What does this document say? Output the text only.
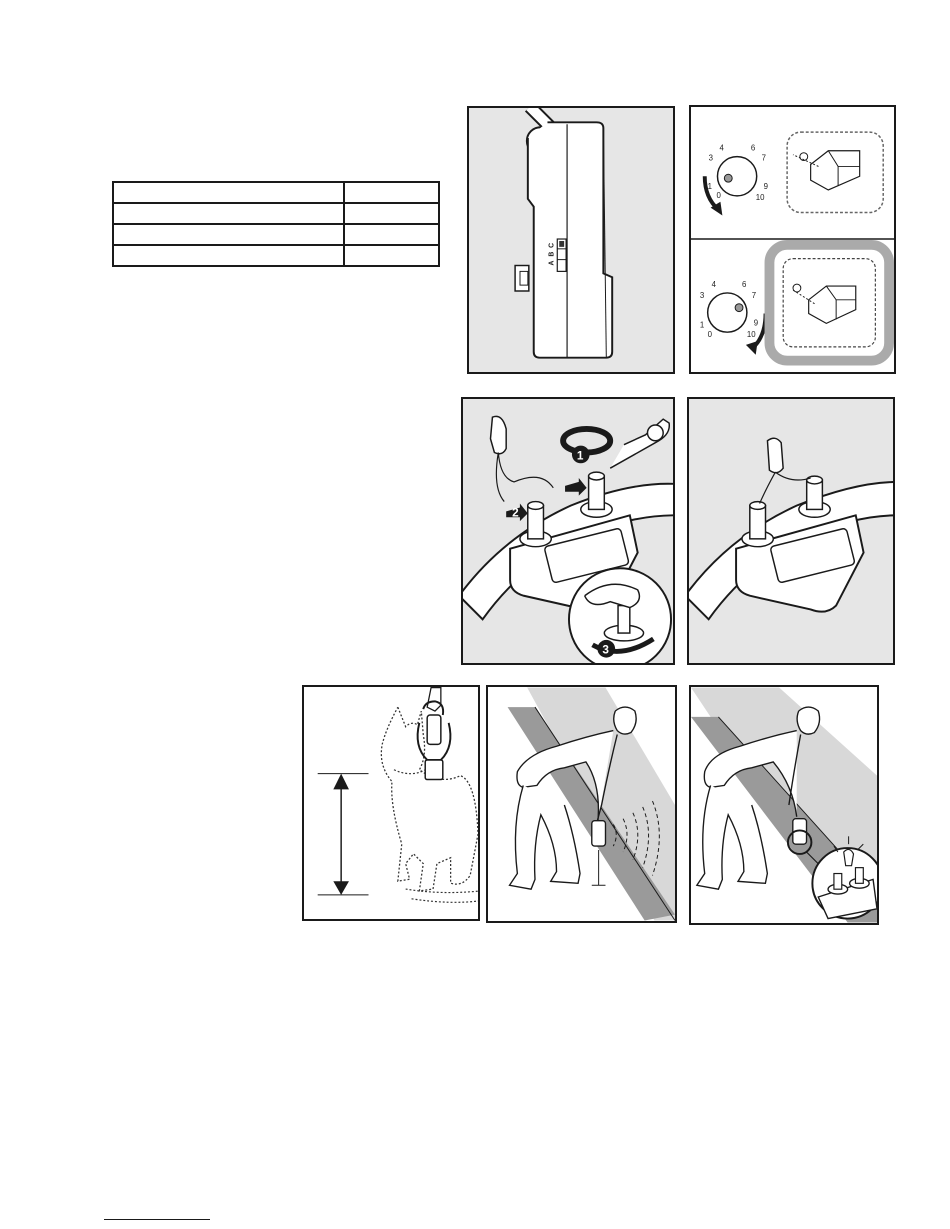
A
B
C
0
1
3
4	6
7
9
10
0
1
3
4	6
7
9
10
1
2
3
